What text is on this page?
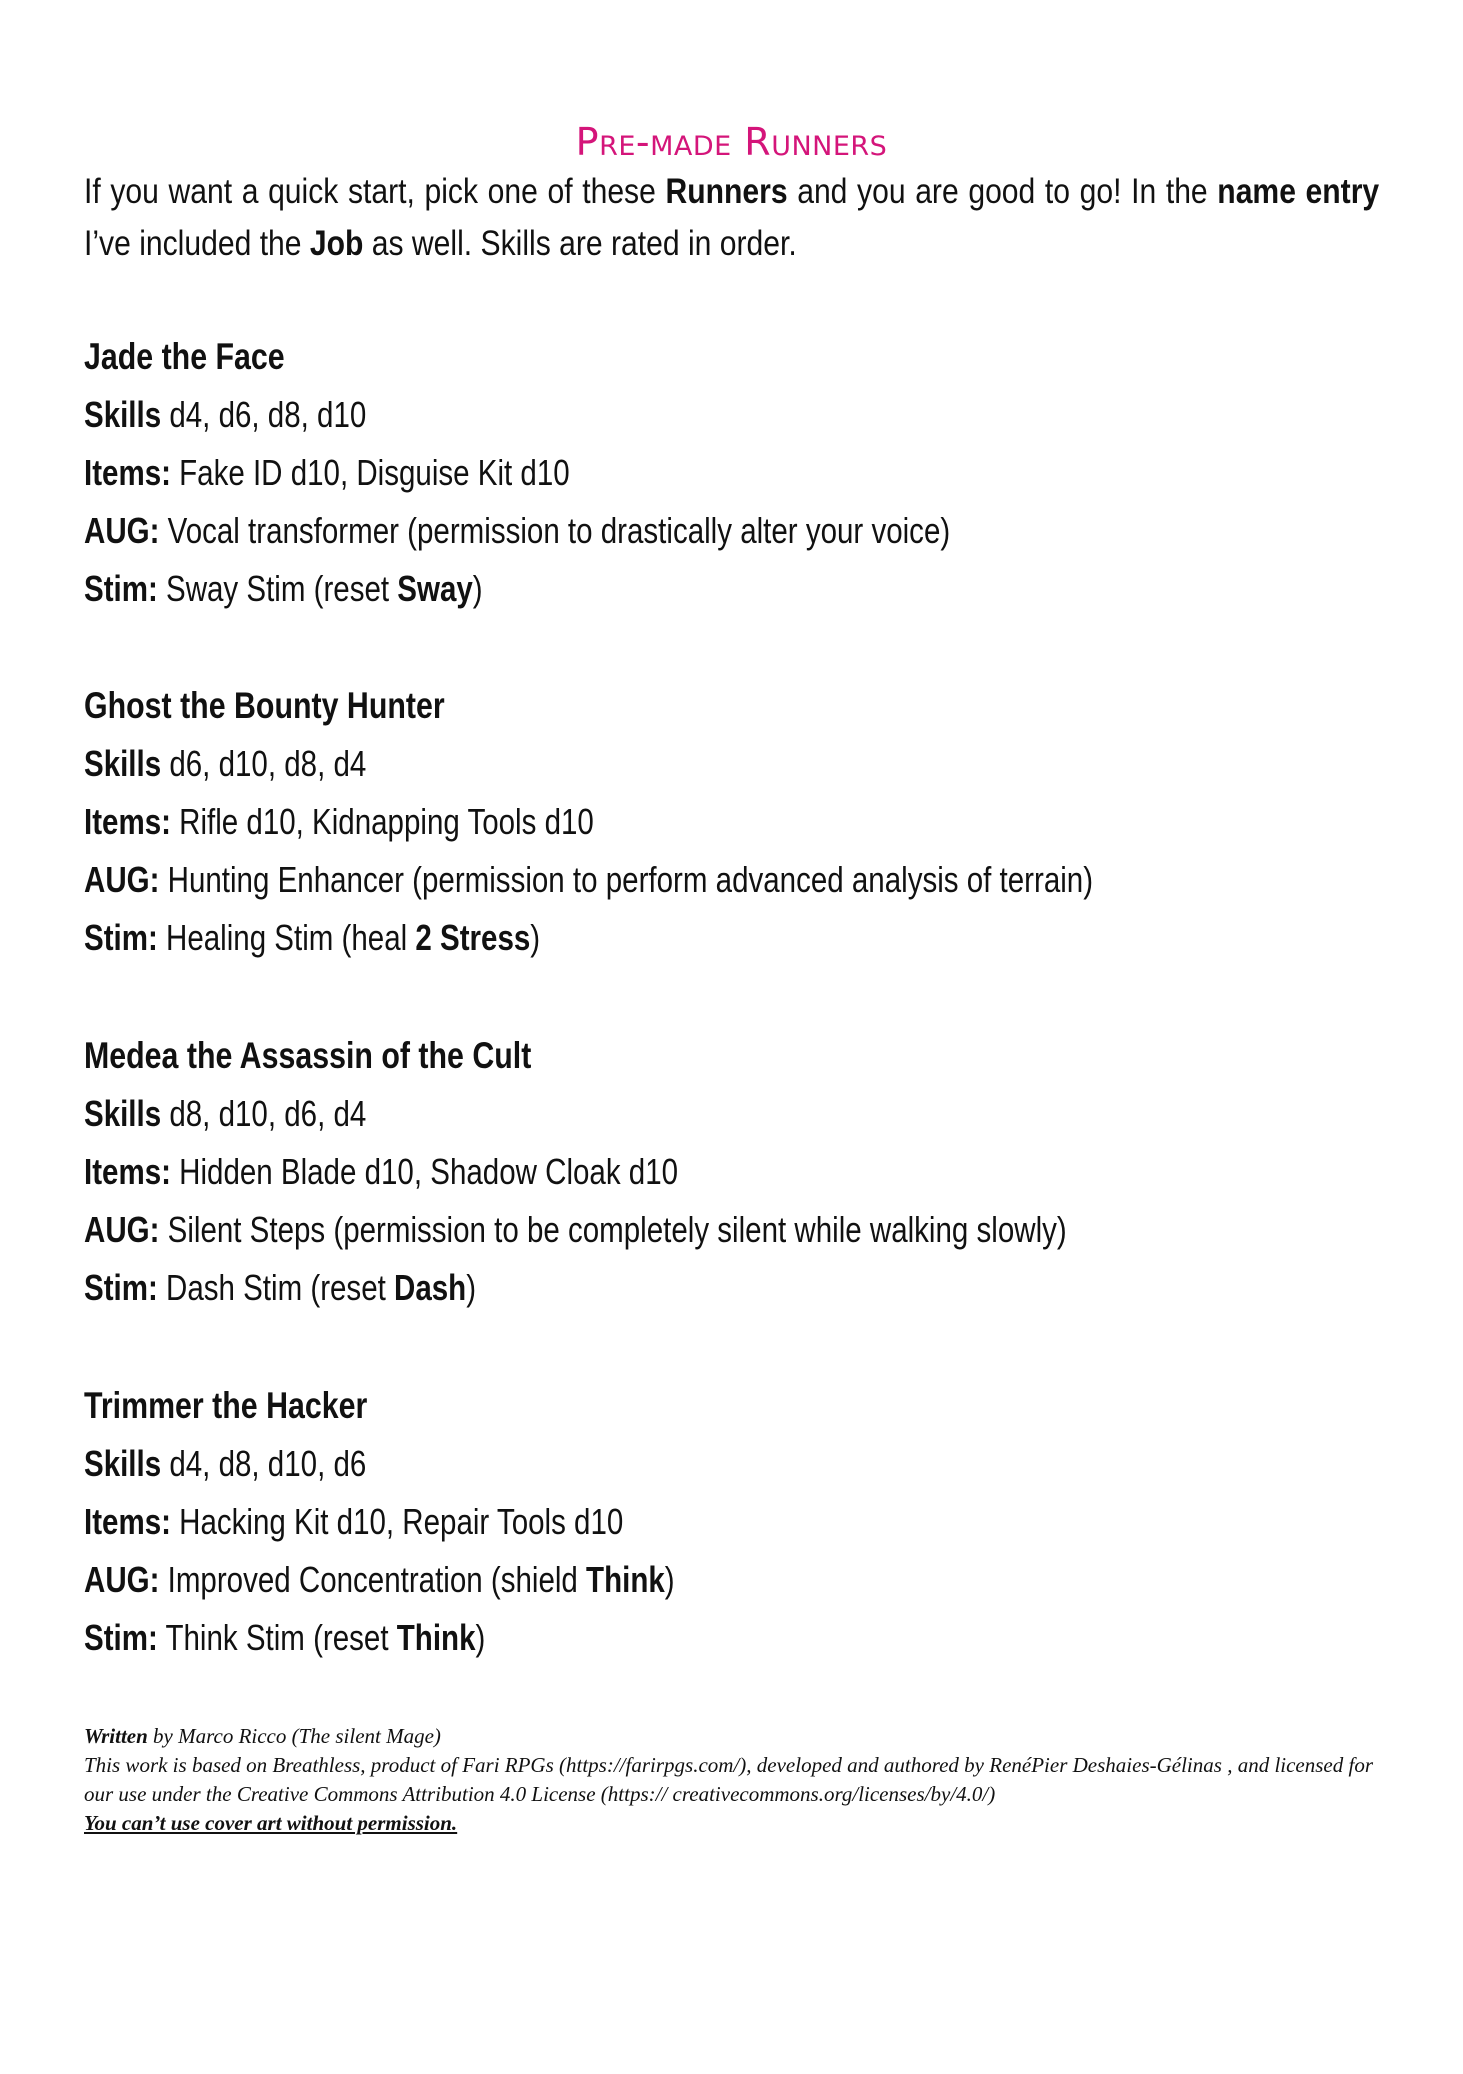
Pre-made Runners
If you want a quick start, pick one of these Runners and you are good to go! In the name entry I’ve included the Job as well. Skills are rated in order.
Jade the Face
Skills d4, d6, d8, d10
Items: Fake ID d10, Disguise Kit d10
AUG: Vocal transformer (permission to drastically alter your voice)
Stim: Sway Stim (reset Sway)
Ghost the Bounty Hunter
Skills d6, d10, d8, d4
Items: Rifle d10, Kidnapping Tools d10
AUG: Hunting Enhancer (permission to perform advanced analysis of terrain)
Stim: Healing Stim (heal 2 Stress)
Medea the Assassin of the Cult
Skills d8, d10, d6, d4
Items: Hidden Blade d10, Shadow Cloak d10
AUG: Silent Steps (permission to be completely silent while walking slowly)
Stim: Dash Stim (reset Dash)
Trimmer the Hacker
Skills d4, d8, d10, d6
Items: Hacking Kit d10, Repair Tools d10
AUG: Improved Concentration (shield Think)
Stim: Think Stim (reset Think)
Written by Marco Ricco (The silent Mage)
This work is based on Breathless, product of Fari RPGs (https://farirpgs.com/), developed and authored by RenéPier Deshaies-Gélinas , and licensed for our use under the Creative Commons Attribution 4.0 License (https:// creativecommons.org/licenses/by/4.0/)
You can’t use cover art without permission.
